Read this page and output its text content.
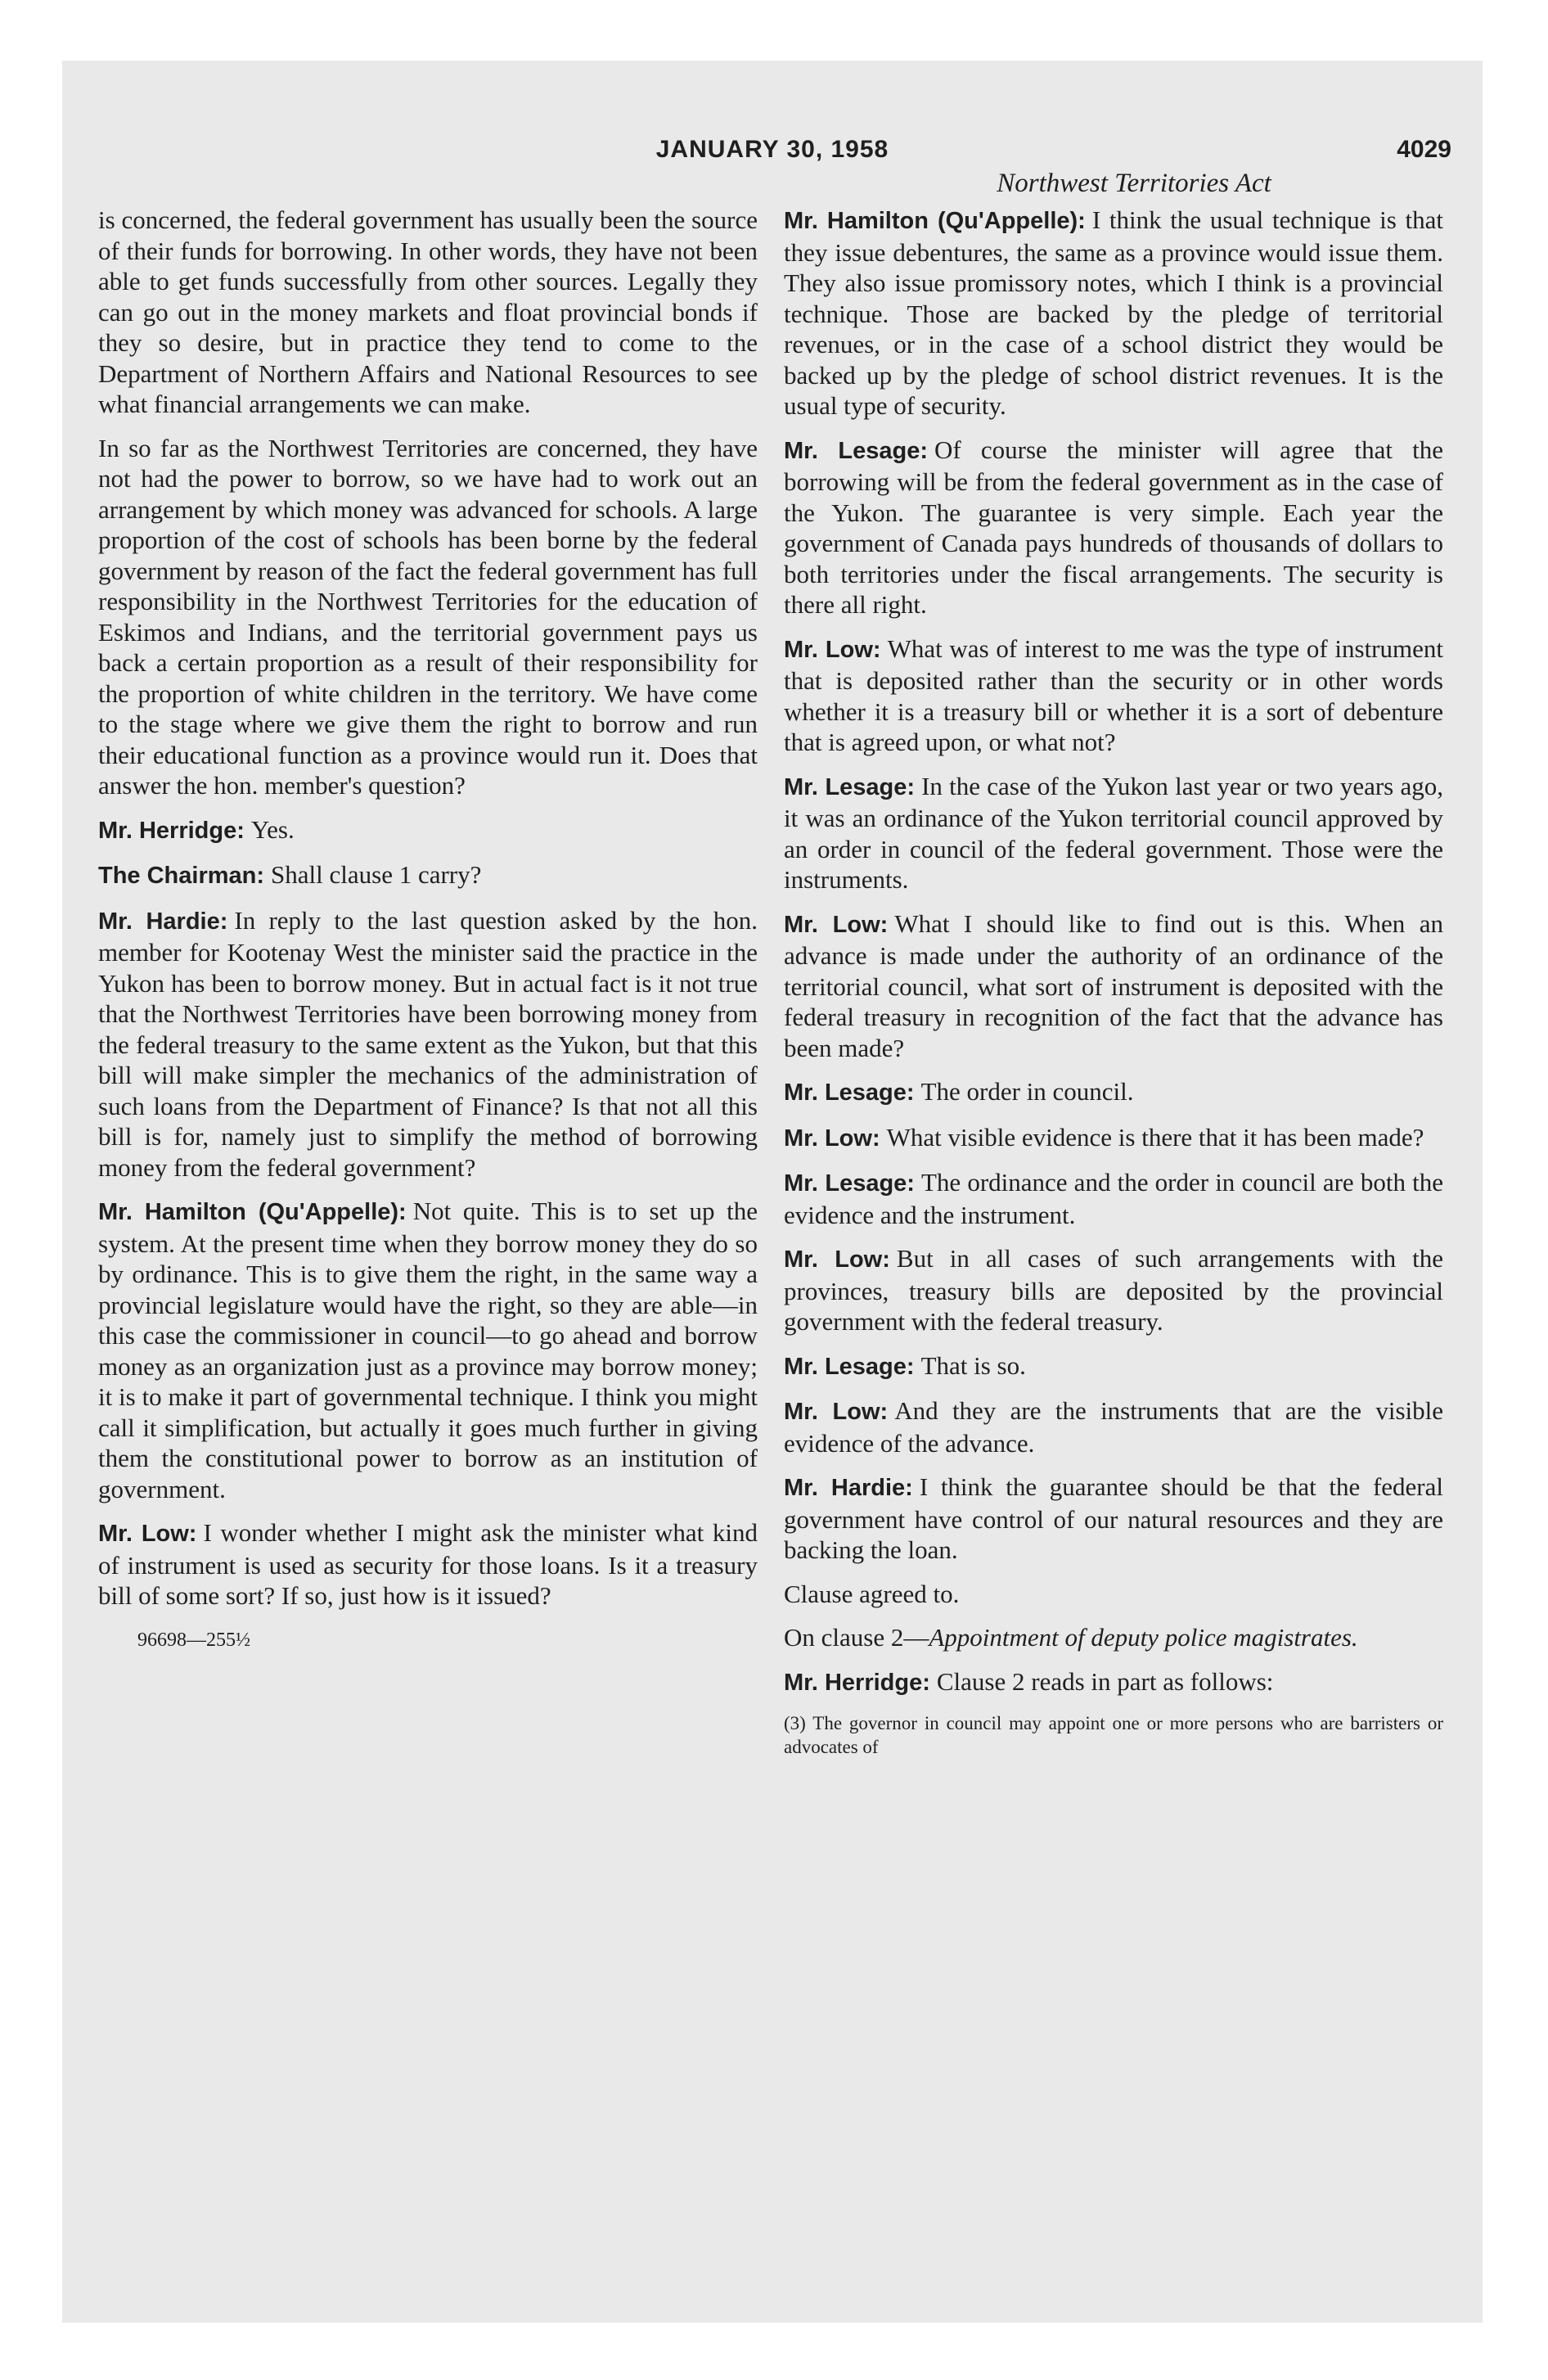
JANUARY 30, 1958	4029
Northwest Territories Act

is concerned, the federal government has usually been the source of their funds for borrowing. In other words, they have not been able to get funds successfully from other sources. Legally they can go out in the money markets and float provincial bonds if they so desire, but in practice they tend to come to the Department of Northern Affairs and National Resources to see what financial arrangements we can make.

In so far as the Northwest Territories are concerned, they have not had the power to borrow, so we have had to work out an arrangement by which money was advanced for schools. A large proportion of the cost of schools has been borne by the federal government by reason of the fact the federal government has full responsibility in the Northwest Territories for the education of Eskimos and Indians, and the territorial government pays us back a certain proportion as a result of their responsibility for the proportion of white children in the territory. We have come to the stage where we give them the right to borrow and run their educational function as a province would run it. Does that answer the hon. member's question?

Mr. Herridge: Yes.

The Chairman: Shall clause 1 carry?

Mr. Hardie: In reply to the last question asked by the hon. member for Kootenay West the minister said the practice in the Yukon has been to borrow money. But in actual fact is it not true that the Northwest Territories have been borrowing money from the federal treasury to the same extent as the Yukon, but that this bill will make simpler the mechanics of the administration of such loans from the Department of Finance? Is that not all this bill is for, namely just to simplify the method of borrowing money from the federal government?

Mr. Hamilton (Qu'Appelle): Not quite. This is to set up the system. At the present time when they borrow money they do so by ordinance. This is to give them the right, in the same way a provincial legislature would have the right, so they are able—in this case the commissioner in council—to go ahead and borrow money as an organization just as a province may borrow money; it is to make it part of governmental technique. I think you might call it simplification, but actually it goes much further in giving them the constitutional power to borrow as an institution of government.

Mr. Low: I wonder whether I might ask the minister what kind of instrument is used as security for those loans. Is it a treasury bill of some sort? If so, just how is it issued?

96698—255½

Mr. Hamilton (Qu'Appelle): I think the usual technique is that they issue debentures, the same as a province would issue them. They also issue promissory notes, which I think is a provincial technique. Those are backed by the pledge of territorial revenues, or in the case of a school district they would be backed up by the pledge of school district revenues. It is the usual type of security.

Mr. Lesage: Of course the minister will agree that the borrowing will be from the federal government as in the case of the Yukon. The guarantee is very simple. Each year the government of Canada pays hundreds of thousands of dollars to both territories under the fiscal arrangements. The security is there all right.

Mr. Low: What was of interest to me was the type of instrument that is deposited rather than the security or in other words whether it is a treasury bill or whether it is a sort of debenture that is agreed upon, or what not?

Mr. Lesage: In the case of the Yukon last year or two years ago, it was an ordinance of the Yukon territorial council approved by an order in council of the federal government. Those were the instruments.

Mr. Low: What I should like to find out is this. When an advance is made under the authority of an ordinance of the territorial council, what sort of instrument is deposited with the federal treasury in recognition of the fact that the advance has been made?

Mr. Lesage: The order in council.

Mr. Low: What visible evidence is there that it has been made?

Mr. Lesage: The ordinance and the order in council are both the evidence and the instrument.

Mr. Low: But in all cases of such arrangements with the provinces, treasury bills are deposited by the provincial government with the federal treasury.

Mr. Lesage: That is so.

Mr. Low: And they are the instruments that are the visible evidence of the advance.

Mr. Hardie: I think the guarantee should be that the federal government have control of our natural resources and they are backing the loan.

Clause agreed to.

On clause 2—Appointment of deputy police magistrates.

Mr. Herridge: Clause 2 reads in part as follows:

(3) The governor in council may appoint one or more persons who are barristers or advocates of
